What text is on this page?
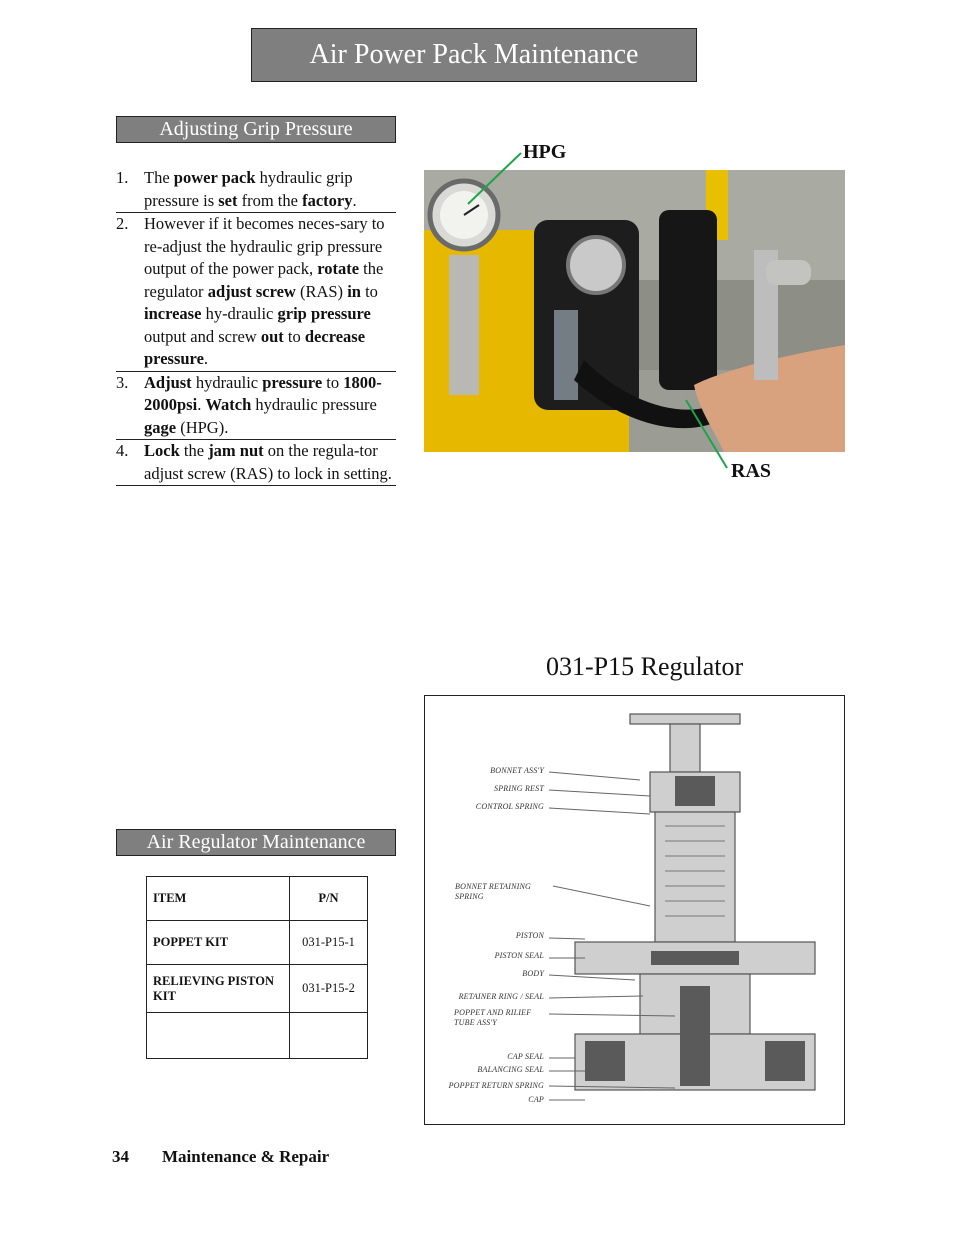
Air Power Pack Maintenance
Adjusting Grip Pressure
1. The power pack hydraulic grip pressure is set from the factory.
2. However if it becomes neces-sary to re-adjust the hydraulic grip pressure output of the power pack, rotate the regulator adjust screw (RAS) in to increase hy-draulic grip pressure output and screw out to decrease pressure.
3. Adjust hydraulic pressure to 1800-2000psi. Watch hydraulic pressure gage (HPG).
4. Lock the jam nut on the regula-tor adjust screw (RAS) to lock in setting.
HPG
RAS
031-P15 Regulator
BONNET ASS'Y
SPRING REST
CONTROL SPRING
BONNET RETAINING SPRING
PISTON
PISTON SEAL
BODY
RETAINER RING / SEAL
POPPET AND RILIEF TUBE ASS'Y
CAP SEAL
BALANCING SEAL
POPPET RETURN SPRING
CAP
Air Regulator Maintenance
ITEM	P/N
POPPET KIT	031-P15-1
RELIEVING PISTON KIT	031-P15-2

34 Maintenance & Repair
